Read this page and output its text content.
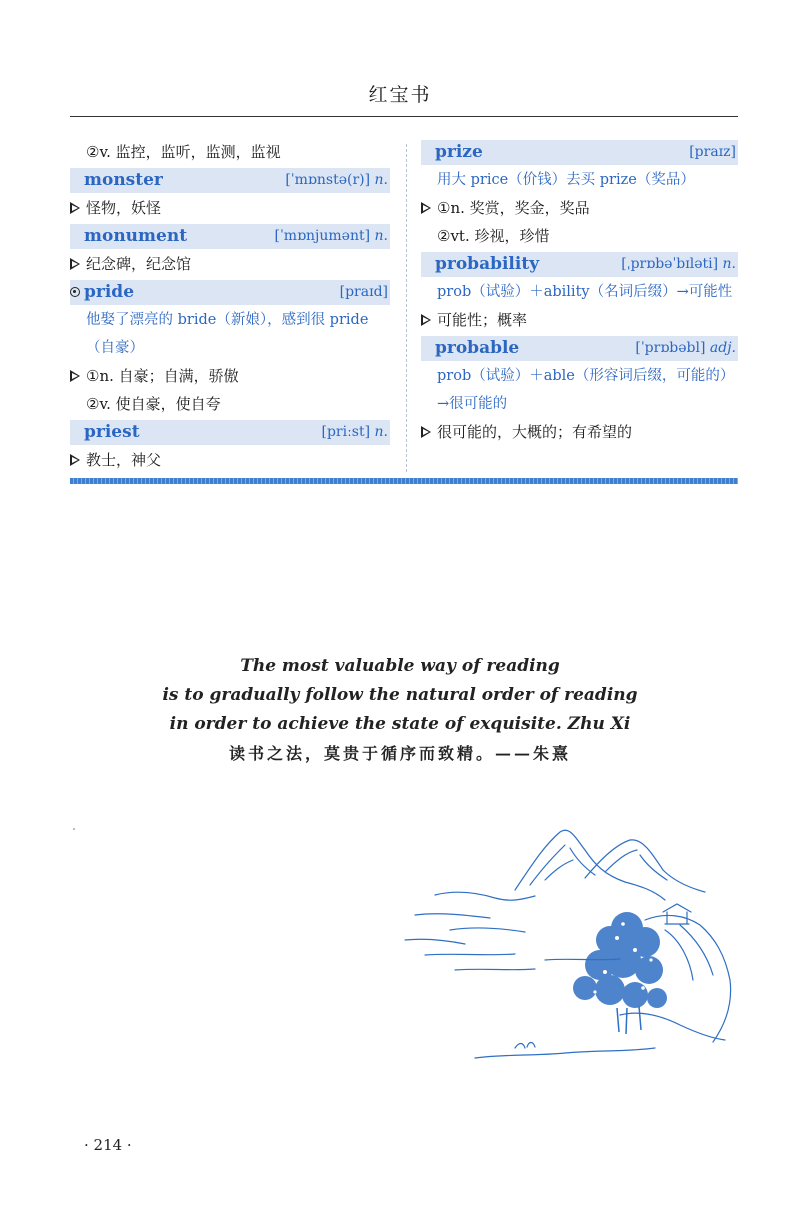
红宝书
②v. 监控，监听，监测，监视
monster	[ˈmɒnstə(r)] n.
怪物，妖怪
monument	[ˈmɒnjumənt] n.
纪念碑，纪念馆
pride	[praɪd]
他娶了漂亮的 bride（新娘），感到很 pride（自豪）
①n. 自豪；自满，骄傲
②v. 使自豪，使自夸
priest	[priːst] n.
教士，神父
prize	[praɪz]
用大 price（价钱）去买 prize（奖品）
①n. 奖赏，奖金，奖品
②vt. 珍视，珍惜
probability	[ˌprɒbəˈbɪləti] n.
prob（试验）＋ability（名词后缀）→可能性
可能性；概率
probable	[ˈprɒbəbl] adj.
prob（试验）＋able（形容词后缀，可能的）→很可能的
很可能的，大概的；有希望的
The most valuable way of reading
is to gradually follow the natural order of reading
in order to achieve the state of exquisite. Zhu Xi
读书之法，莫贵于循序而致精。——朱熹
· 214 ·
